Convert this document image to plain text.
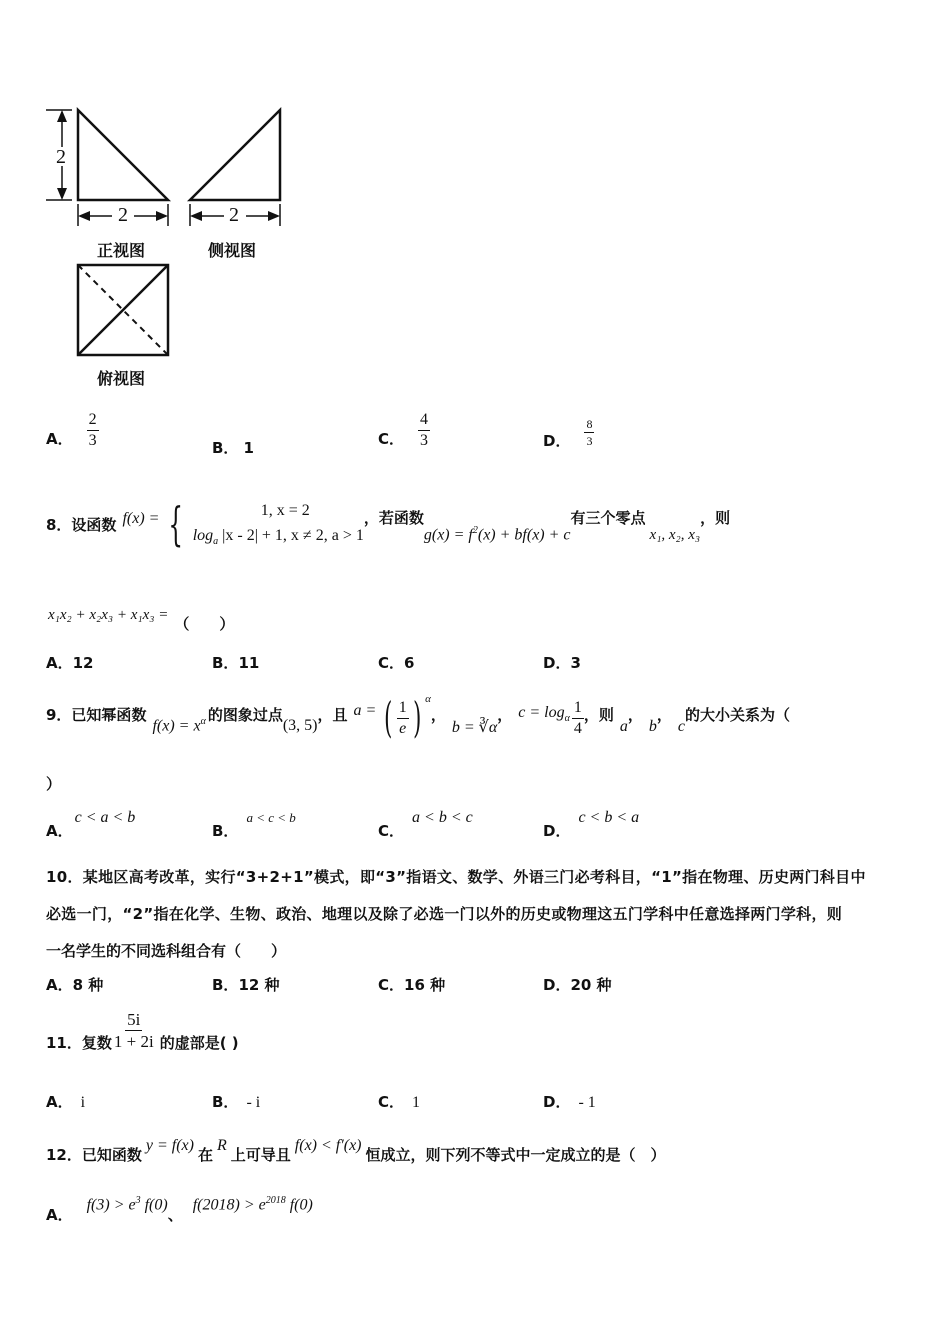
2
2	2
正视图	侧视图
俯视图
A． $\frac{2}{3}$	B． 1	C． $\frac{4}{3}$	D． $\frac{8}{3}$
8．设函数 f(x) = {	1, x = 2
$\log_a |x - 2| + 1$, x ≠ 2, a > 1
，若函数
$g(x) = f^2(x) + bf(x) + c$
有三个零点
x₁, x₂, x₃
，则
x₁x₂ + x₂x₃ + x₁x₃ = （　　）
A．12	B．11	C．6	D．3
9．已知幂函数
$f(x) = x^\alpha$ 的图象过点
(3, 5)
，且 a = ( $\frac{1}{e}$ ) $^\alpha$
，
b = ∛α
， $c = \log_\alpha \frac{1}{4}$ ，则
a
，
b
，
c
的大小关系为（
）
A．c < a < b
B．a < c < b
C．a < b < c
D．c < b < a
10．某地区高考改革，实行“3+2+1”模式，即“3”指语文、数学、外语三门必考科目，“1”指在物理、历史两门科目中
必选一门，“2”指在化学、生物、政治、地理以及除了必选一门以外的历史或物理这五门学科中任意选择两门学科，则
一名学生的不同选科组合有（　　）
A．8 种	B．12 种	C．16 种	D．20 种
11．复数 $\frac{5i}{1 + 2i}$ 的虚部是( )
A． i	B． - i	C． 1	D． - 1
12．已知函数
y = f(x)
在
R
上可导且
f(x) < f′(x)
恒成立，则下列不等式中一定成立的是（　）
A．
$f(3) > e^3$ f(0)
、
$f(2018) > e^{2018}$ f(0)
